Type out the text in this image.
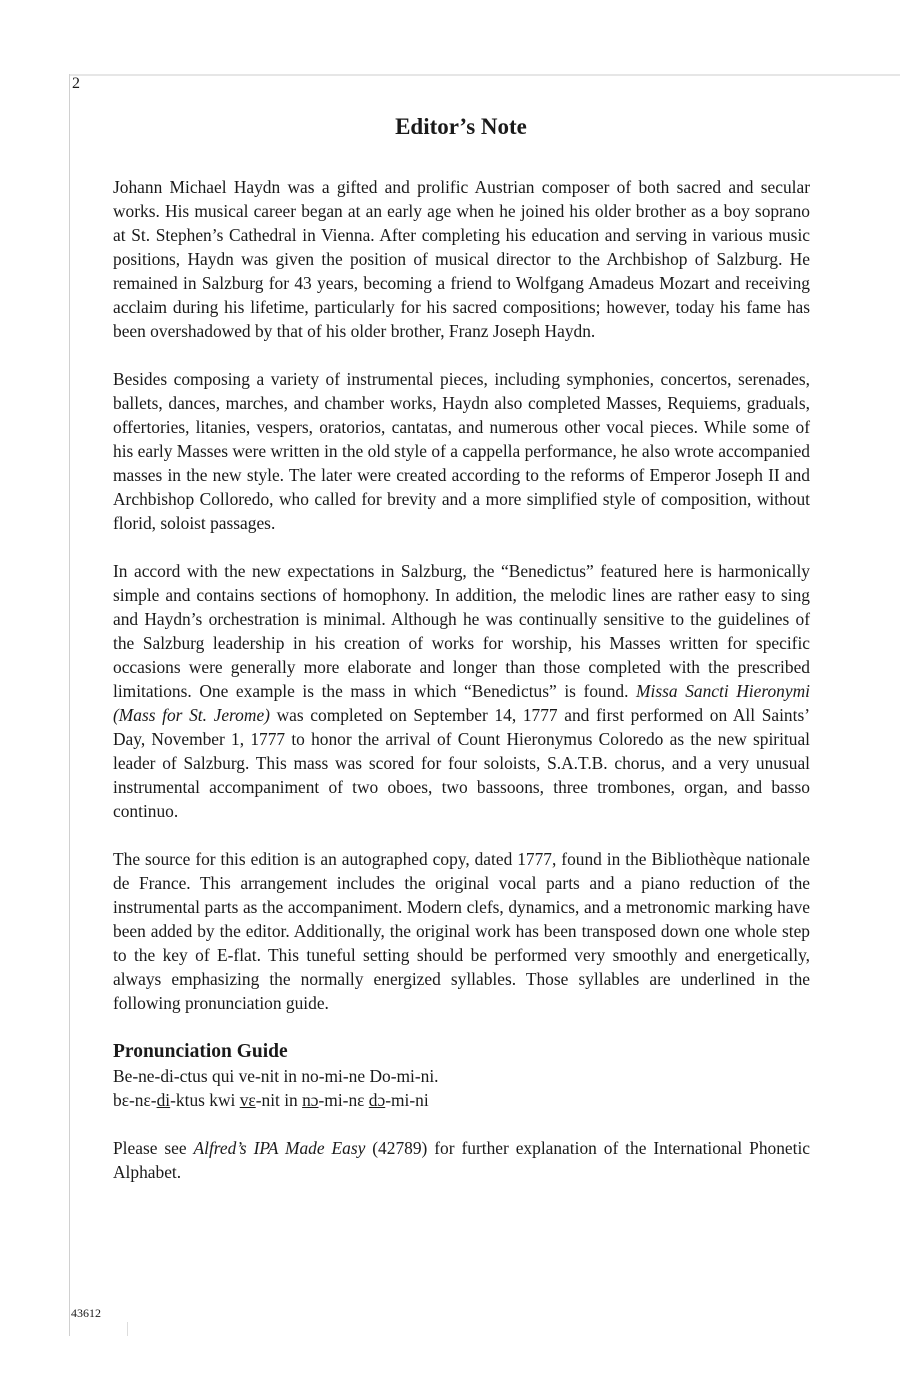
2
Editor’s Note

Johann Michael Haydn was a gifted and prolific Austrian composer of both sacred and secular works. His musical career began at an early age when he joined his older brother as a boy soprano at St. Stephen’s Cathedral in Vienna. After completing his education and serving in various music positions, Haydn was given the position of musical director to the Archbishop of Salzburg. He remained in Salzburg for 43 years, becoming a friend to Wolfgang Amadeus Mozart and receiving acclaim during his lifetime, particularly for his sacred compositions; however, today his fame has been overshadowed by that of his older brother, Franz Joseph Haydn.

Besides composing a variety of instrumental pieces, including symphonies, concertos, serenades, ballets, dances, marches, and chamber works, Haydn also completed Masses, Requiems, graduals, offertories, litanies, vespers, oratorios, cantatas, and numerous other vocal pieces. While some of his early Masses were written in the old style of a cappella performance, he also wrote accompanied masses in the new style. The later were created according to the reforms of Emperor Joseph II and Archbishop Colloredo, who called for brevity and a more simplified style of composition, without florid, soloist passages.

In accord with the new expectations in Salzburg, the “Benedictus” featured here is harmonically simple and contains sections of homophony. In addition, the melodic lines are rather easy to sing and Haydn’s orchestration is minimal. Although he was continually sensitive to the guidelines of the Salzburg leadership in his creation of works for worship, his Masses written for specific occasions were generally more elaborate and longer than those completed with the prescribed limitations. One example is the mass in which “Benedictus” is found. Missa Sancti Hieronymi (Mass for St. Jerome) was completed on September 14, 1777 and first performed on All Saints’ Day, November 1, 1777 to honor the arrival of Count Hieronymus Coloredo as the new spiritual leader of Salzburg. This mass was scored for four soloists, S.A.T.B. chorus, and a very unusual instrumental accompaniment of two oboes, two bassoons, three trombones, organ, and basso continuo.

The source for this edition is an autographed copy, dated 1777, found in the Bibliothèque nationale de France. This arrangement includes the original vocal parts and a piano reduction of the instrumental parts as the accompaniment. Modern clefs, dynamics, and a metronomic marking have been added by the editor. Additionally, the original work has been transposed down one whole step to the key of E-flat. This tuneful setting should be performed very smoothly and energetically, always emphasizing the normally energized syllables. Those syllables are underlined in the following pronunciation guide.

Pronunciation Guide

Be-ne-di-ctus qui ve-nit in no-mi-ne Do-mi-ni.

bɛ-nɛ-di-ktus kwi vɛ-nit in nɔ-mi-nɛ dɔ-mi-ni

Please see Alfred’s IPA Made Easy (42789) for further explanation of the International Phonetic Alphabet.

43612
